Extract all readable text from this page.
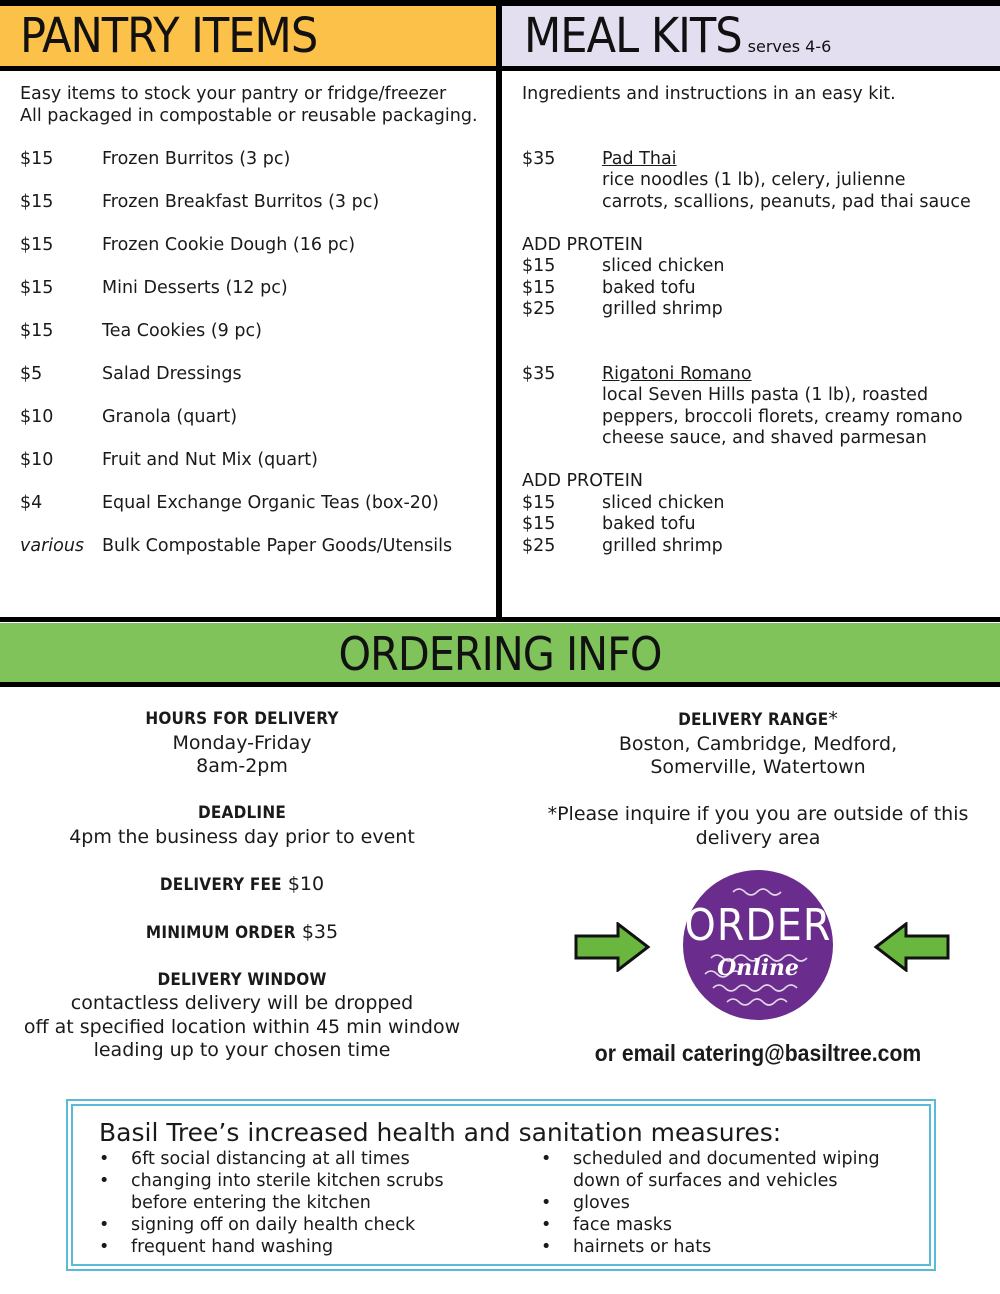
PANTRY ITEMS	MEAL KITS serves 4-6
Easy items to stock your pantry or fridge/freezer
All packaged in compostable or reusable packaging.
$15	Frozen Burritos (3 pc)
$15	Frozen Breakfast Burritos (3 pc)
$15	Frozen Cookie Dough (16 pc)
$15	Mini Desserts (12 pc)
$15	Tea Cookies (9 pc)
$5	Salad Dressings
$10	Granola (quart)
$10	Fruit and Nut Mix (quart)
$4	Equal Exchange Organic Teas (box-20)
various	Bulk Compostable Paper Goods/Utensils
Ingredients and instructions in an easy kit.
$35	Pad Thai
rice noodles (1 lb), celery, julienne
carrots, scallions, peanuts, pad thai sauce
ADD PROTEIN
$15	sliced chicken
$15	baked tofu
$25	grilled shrimp
$35	Rigatoni Romano
local Seven Hills pasta (1 lb), roasted
peppers, broccoli florets, creamy romano
cheese sauce, and shaved parmesan
ADD PROTEIN
$15	sliced chicken
$15	baked tofu
$25	grilled shrimp
ORDERING INFO
HOURS FOR DELIVERY
Monday-Friday
8am-2pm
DEADLINE
4pm the business day prior to event
DELIVERY FEE $10
MINIMUM ORDER $35
DELIVERY WINDOW
contactless delivery will be dropped
off at specified location within 45 min window
leading up to your chosen time
DELIVERY RANGE*
Boston, Cambridge, Medford,
Somerville, Watertown
*Please inquire if you you are outside of this
delivery area
ORDER
Online
or email catering@basiltree.com
Basil Tree’s increased health and sanitation measures:
• 6ft social distancing at all times
• changing into sterile kitchen scrubs
before entering the kitchen
• signing off on daily health check
• frequent hand washing
• scheduled and documented wiping
down of surfaces and vehicles
• gloves
• face masks
• hairnets or hats
